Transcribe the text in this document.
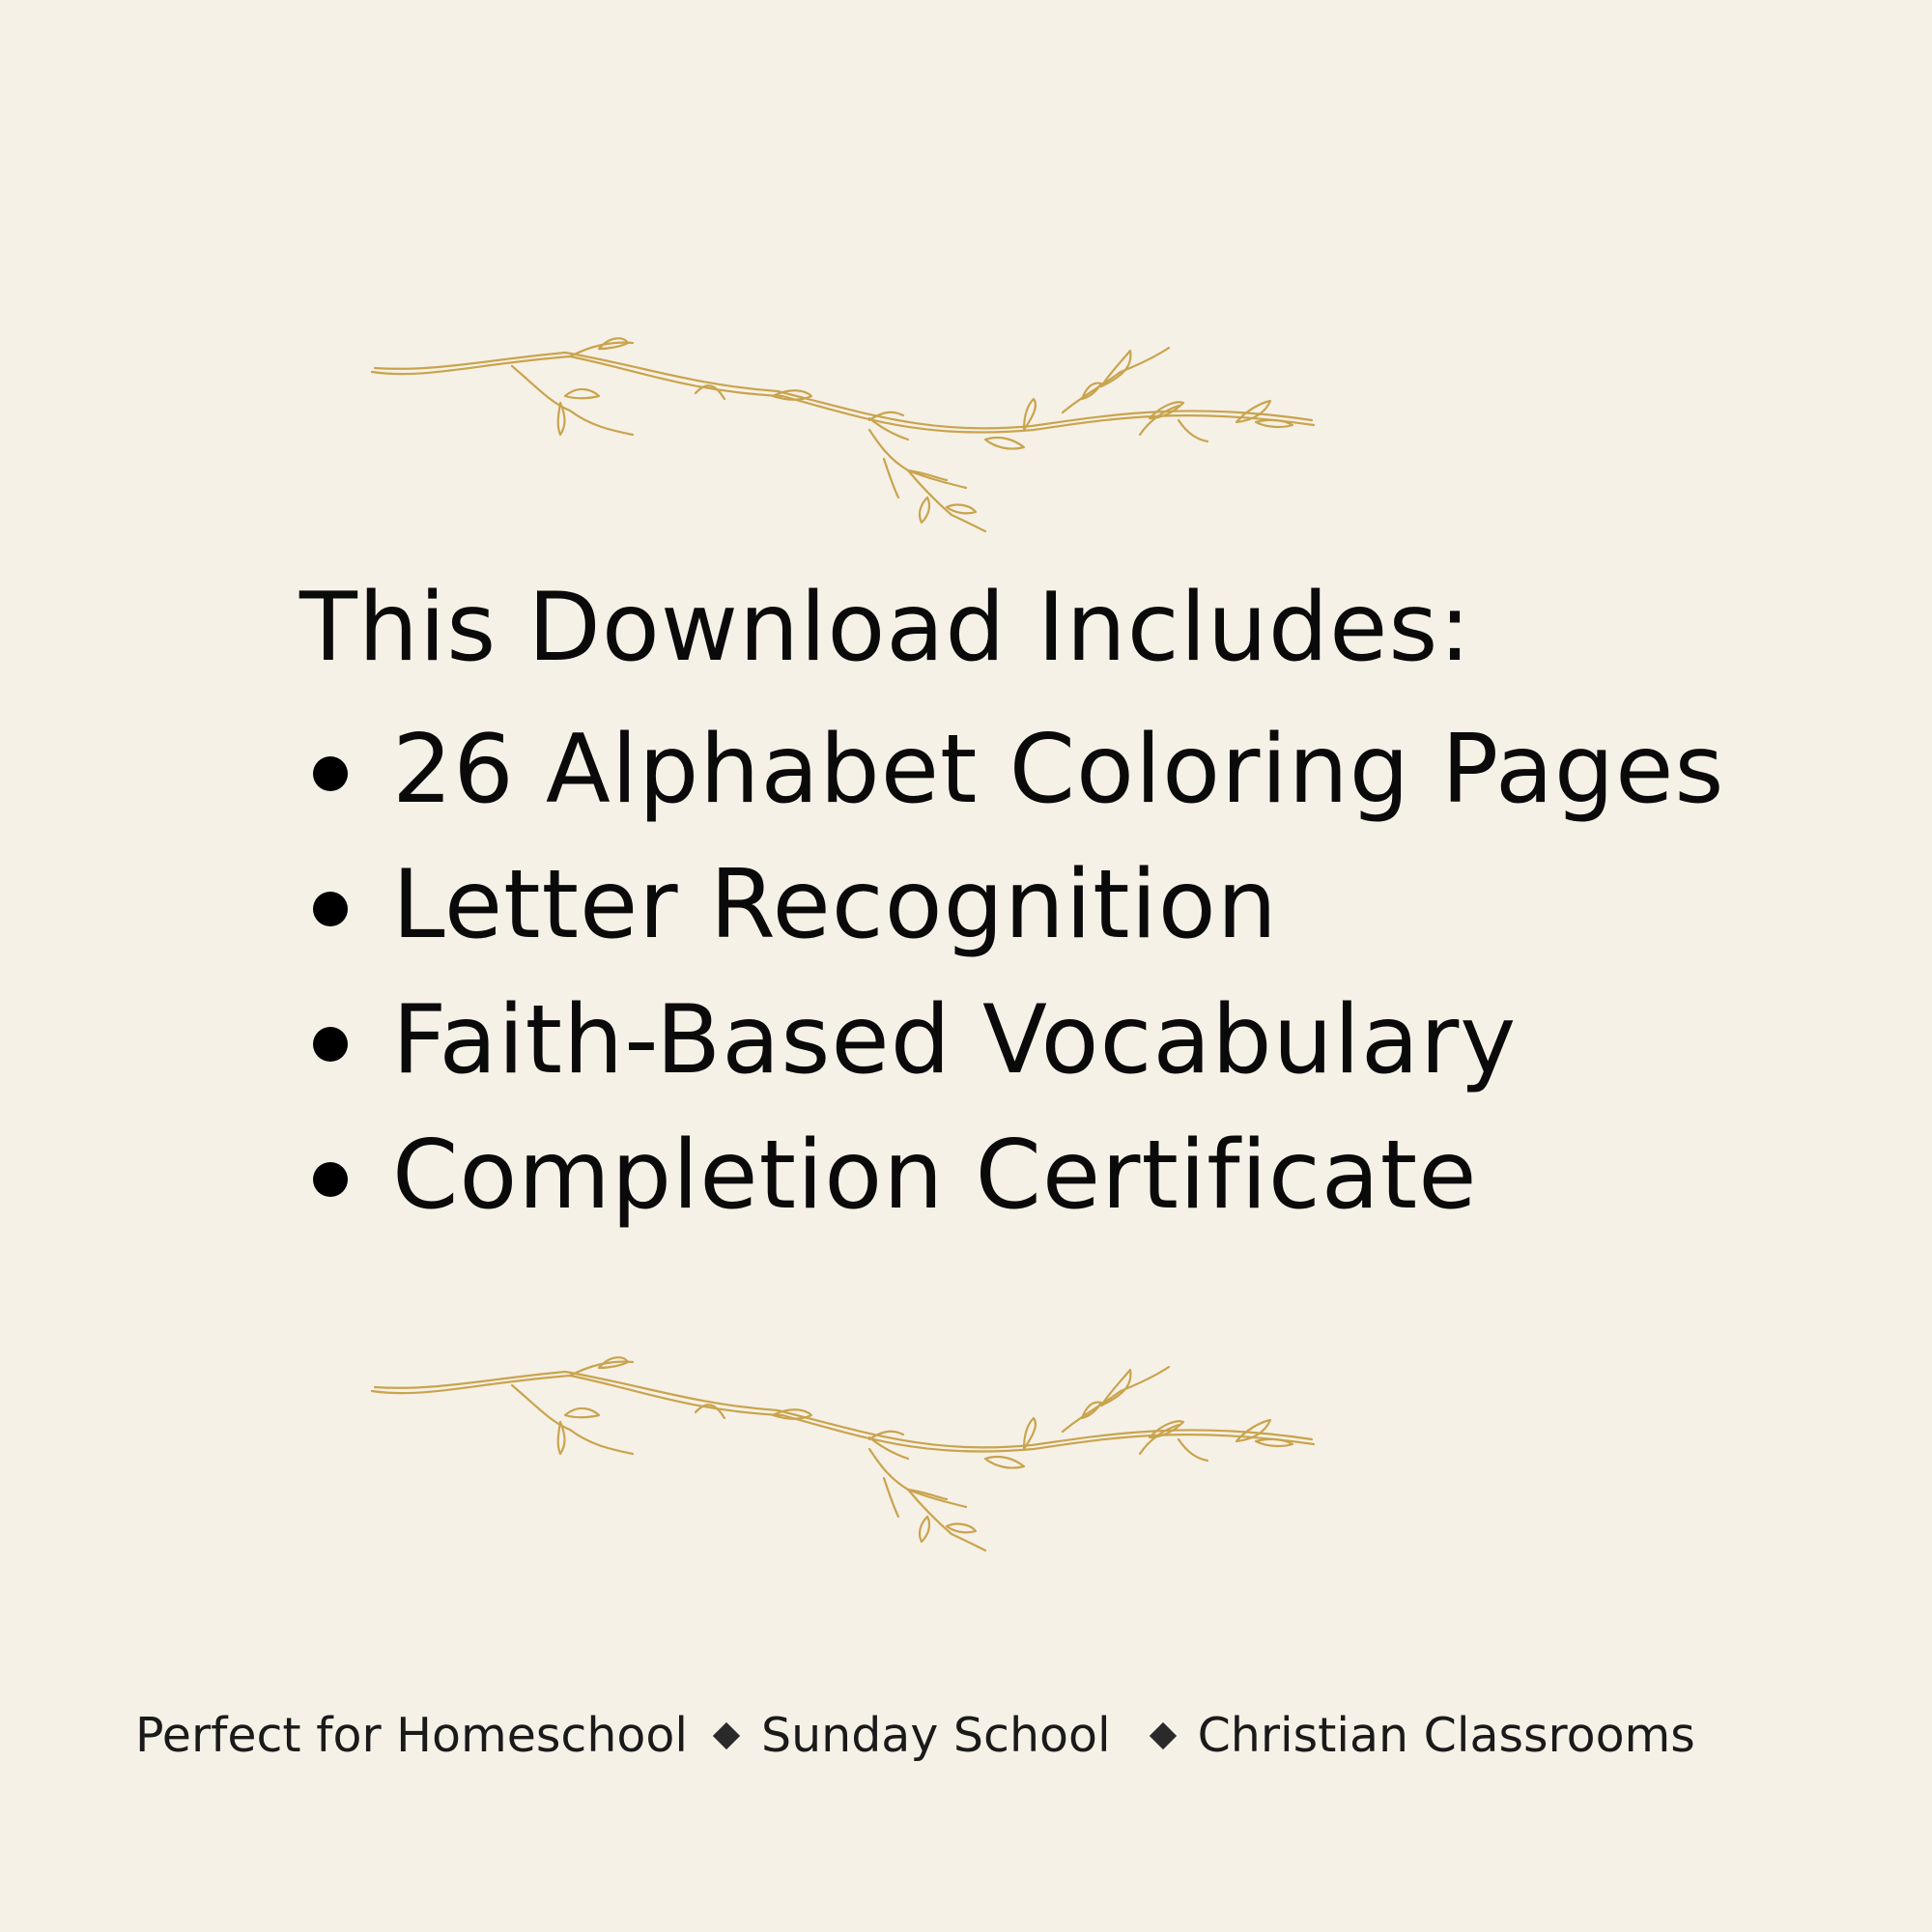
This Download Includes:
26 Alphabet Coloring Pages
Letter Recognition
Faith-Based Vocabulary
Completion Certificate
Perfect for Homeschool Sunday School Christian Classrooms
